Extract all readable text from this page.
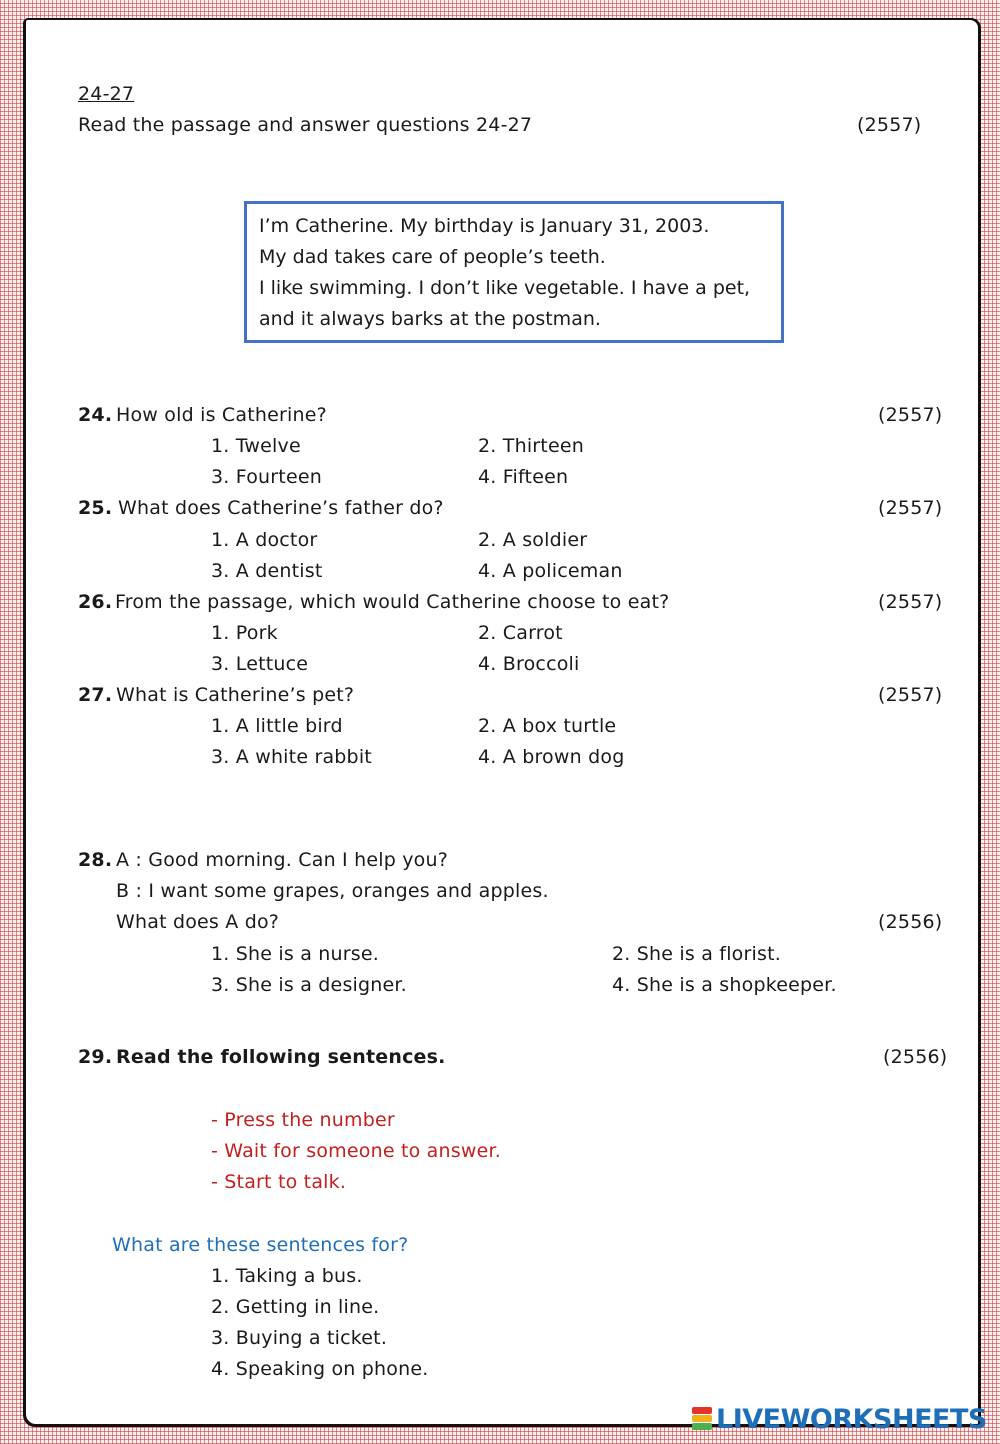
24-27
Read the passage and answer questions 24-27	(2557)
I’m Catherine. My birthday is January 31, 2003.
My dad takes care of people’s teeth.
I like swimming. I don’t like vegetable. I have a pet,
and it always barks at the postman.
24. How old is Catherine?	(2557)
1. Twelve	2. Thirteen
3. Fourteen	4. Fifteen
25. What does Catherine’s father do?	(2557)
1. A doctor	2. A soldier
3. A dentist	4. A policeman
26. From the passage, which would Catherine choose to eat?	(2557)
1. Pork	2. Carrot
3. Lettuce	4. Broccoli
27. What is Catherine’s pet?	(2557)
1. A little bird	2. A box turtle
3. A white rabbit	4. A brown dog
28. A : Good morning. Can I help you?
B : I want some grapes, oranges and apples.
What does A do?	(2556)
1. She is a nurse.	2. She is a florist.
3. She is a designer.	4. She is a shopkeeper.
29. Read the following sentences.	(2556)
- Press the number
- Wait for someone to answer.
- Start to talk.
What are these sentences for?
1. Taking a bus.
2. Getting in line.
3. Buying a ticket.
4. Speaking on phone.
LIVEWORKSHEETS
